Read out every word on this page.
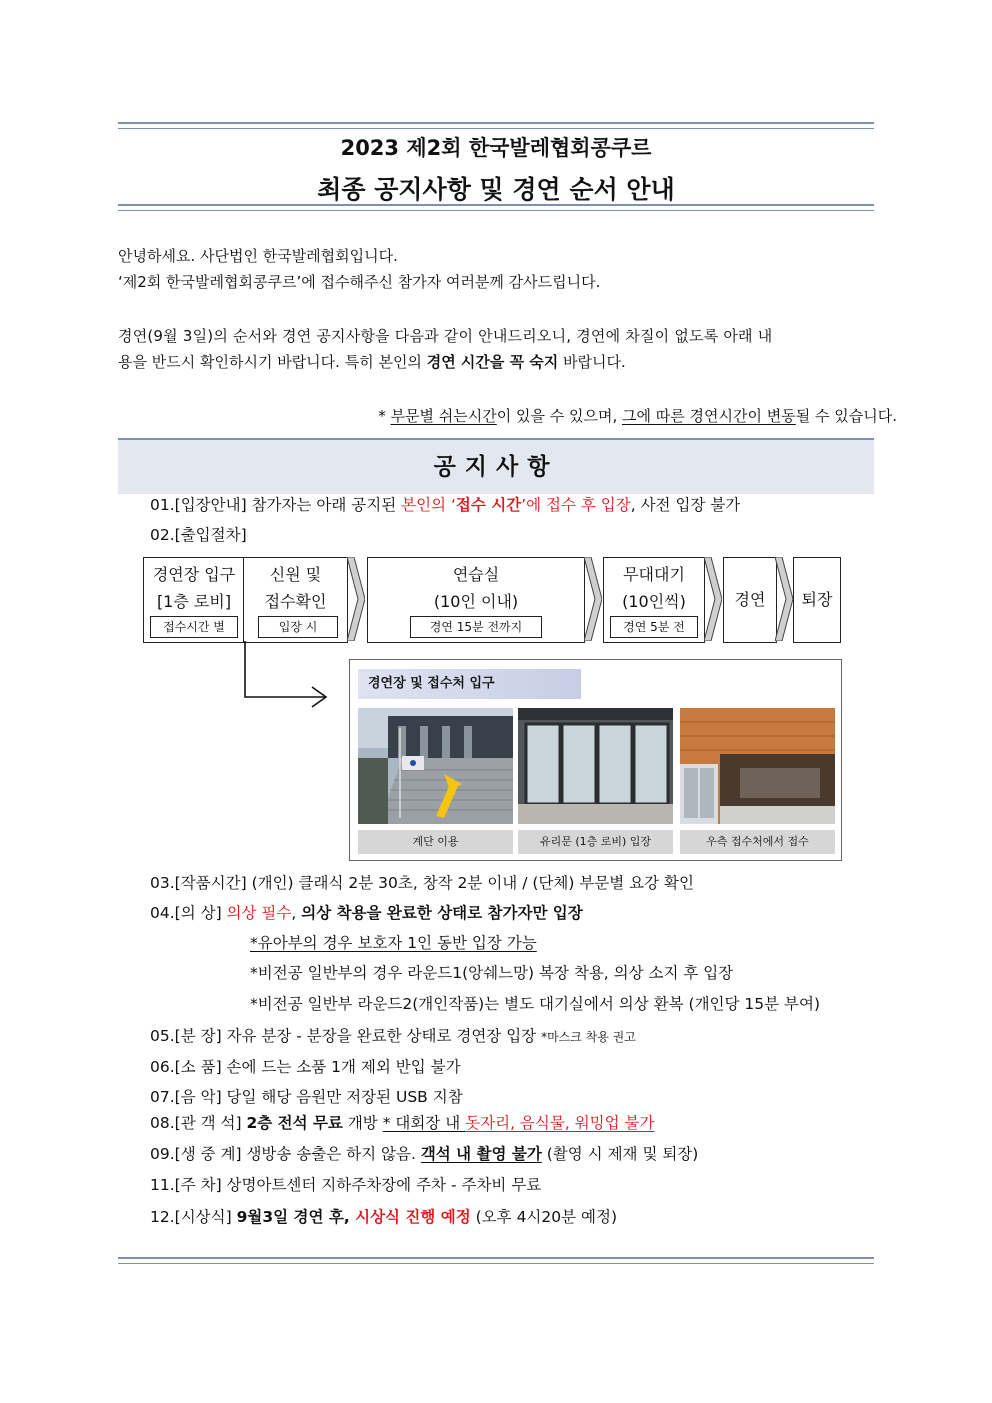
2023 제2회 한국발레협회콩쿠르
최종 공지사항 및 경연 순서 안내
안녕하세요. 사단법인 한국발레협회입니다.
‘제2회 한국발레협회콩쿠르’에 접수해주신 참가자 여러분께 감사드립니다.
경연(9월 3일)의 순서와 경연 공지사항을 다음과 같이 안내드리오니, 경연에 차질이 없도록 아래 내
용을 반드시 확인하시기 바랍니다. 특히 본인의 경연 시간을 꼭 숙지 바랍니다.
* 부문별 쉬는시간이 있을 수 있으며, 그에 따른 경연시간이 변동될 수 있습니다.
공지사항
01.[입장안내] 참가자는 아래 공지된 본인의 ‘접수 시간’에 접수 후 입장, 사전 입장 불가
02.[출입절차]
경연장 입구
[1층 로비]
접수시간 별
신원 및
접수확인
입장 시
연습실
(10인 이내)
경연 15분 전까지
무대대기
(10인씩)
경연 5분 전
경연	퇴장
경연장 및 접수처 입구
계단 이용	유리문 (1층 로비) 입장	우측 접수처에서 접수
03.[작품시간] (개인) 클래식 2분 30초, 창작 2분 이내 / (단체) 부문별 요강 확인
04.[의 상] 의상 필수, 의상 착용을 완료한 상태로 참가자만 입장
*유아부의 경우 보호자 1인 동반 입장 가능
*비전공 일반부의 경우 라운드1(앙쉐느망) 복장 착용, 의상 소지 후 입장
*비전공 일반부 라운드2(개인작품)는 별도 대기실에서 의상 환복 (개인당 15분 부여)
05.[분 장] 자유 분장 - 분장을 완료한 상태로 경연장 입장 *마스크 착용 권고
06.[소 품] 손에 드는 소품 1개 제외 반입 불가
07.[음 악] 당일 해당 음원만 저장된 USB 지참
08.[관 객 석] 2층 전석 무료 개방 * 대회장 내 돗자리, 음식물, 워밍업 불가
09.[생 중 계] 생방송 송출은 하지 않음. 객석 내 촬영 불가 (촬영 시 제재 및 퇴장)
11.[주 차] 상명아트센터 지하주차장에 주차 - 주차비 무료
12.[시상식] 9월3일 경연 후, 시상식 진행 예정 (오후 4시20분 예정)
